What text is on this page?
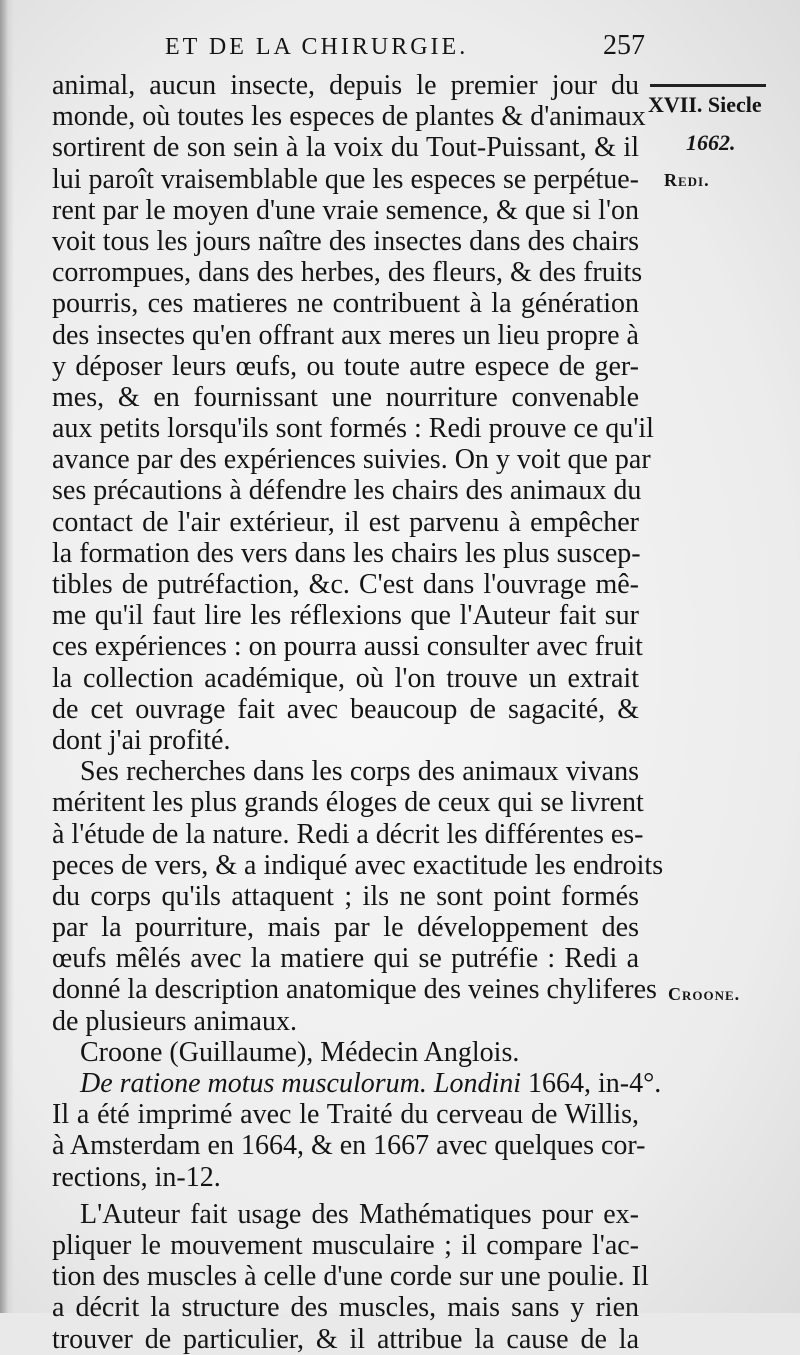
ET DE LA CHIRURGIE.	257
XVII. Siecle
1662.
Redi.
Croone.
animal, aucun insecte, depuis le premier jour du
monde, où toutes les especes de plantes & d'animaux
sortirent de son sein à la voix du Tout-Puissant, & il
lui paroît vraisemblable que les especes se perpétue-
rent par le moyen d'une vraie semence, & que si l'on
voit tous les jours naître des insectes dans des chairs
corrompues, dans des herbes, des fleurs, & des fruits
pourris, ces matieres ne contribuent à la génération
des insectes qu'en offrant aux meres un lieu propre à
y déposer leurs œufs, ou toute autre espece de ger-
mes, & en fournissant une nourriture convenable
aux petits lorsqu'ils sont formés : Redi prouve ce qu'il
avance par des expériences suivies. On y voit que par
ses précautions à défendre les chairs des animaux du
contact de l'air extérieur, il est parvenu à empêcher
la formation des vers dans les chairs les plus suscep-
tibles de putréfaction, &c. C'est dans l'ouvrage mê-
me qu'il faut lire les réflexions que l'Auteur fait sur
ces expériences : on pourra aussi consulter avec fruit
la collection académique, où l'on trouve un extrait
de cet ouvrage fait avec beaucoup de sagacité, &
dont j'ai profité.
Ses recherches dans les corps des animaux vivans
méritent les plus grands éloges de ceux qui se livrent
à l'étude de la nature. Redi a décrit les différentes es-
peces de vers, & a indiqué avec exactitude les endroits
du corps qu'ils attaquent ; ils ne sont point formés
par la pourriture, mais par le développement des
œufs mêlés avec la matiere qui se putréfie : Redi a
donné la description anatomique des veines chyliferes
de plusieurs animaux.
Croone (Guillaume), Médecin Anglois.
De ratione motus musculorum. Londini 1664, in-4°.
Il a été imprimé avec le Traité du cerveau de Willis,
à Amsterdam en 1664, & en 1667 avec quelques cor-
rections, in-12.
L'Auteur fait usage des Mathématiques pour ex-
pliquer le mouvement musculaire ; il compare l'ac-
tion des muscles à celle d'une corde sur une poulie. Il
a décrit la structure des muscles, mais sans y rien
trouver de particulier, & il attribue la cause de la
